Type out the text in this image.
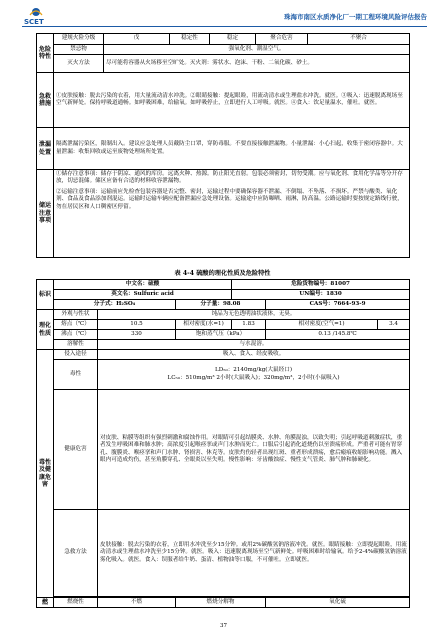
SCET
珠海市南区水质净化厂一期工程环境风险评估报告
危险特性	建规火险分级	戊	稳定性	稳定	聚合危害	不聚合
	禁忌物	强氧化剂、潮湿空气。				
	灭火方法	尽可能将容器从火场移至空旷处。灭火剂：雾状水、泡沫、干粉、二氧化碳、砂土。				
急救措施	①皮肤接触：脱去污染的衣着，用大量流动清水冲洗。②眼睛接触：提起眼睑，用流动清水或生理盐水冲洗。就医。③吸入：迅速脱离现场至空气新鲜处。保持呼吸道通畅。如呼吸困难，给输氧。如呼吸停止，立即进行人工呼吸。就医。④食入：饮足量温水，催吐。就医。					
泄漏处置	隔离泄漏污染区，限制出入。建议应急处理人员戴防尘口罩，穿防毒服。不要直接接触泄漏物。小量泄漏：小心扫起，收集于密闭容器中。大量泄漏：收集回收或运至废物处理场所处置。					
储运注意事项	①储存注意事项：储存于阴凉、通风的库房。远离火种、热源。防止阳光直射。包装必须密封，切勿受潮。应与氧化剂、食用化学品等分开存放，切忌混储。储区应备有合适的材料收容泄漏物。
②运输注意事项：运输前应先检查包装容器是否完整、密封，运输过程中要确保容器不泄漏、不倒塌、不坠落、不损坏。严禁与酸类、氧化剂、食品及食品添加剂混运。运输时运输车辆应配备泄漏应急处理设备。运输途中应防曝晒、雨淋，防高温。公路运输时要按规定路线行驶，勿在居民区和人口稠密区停留。					
表 4-4 硫酸的理化性质及危险特性
标识	中文名：硫酸			危险货物编号：81007		
	英文名：Sulfuric acid			UN编号：1830		
	分子式：H₂SO₄		分子量：98.08		CAS号：7664-93-9	
理化性质	外观与性状	纯品为无色透明油状液体，无臭。				
	熔点（℃）	10.5	相对密度(水=1)	1.83	相对密度(空气=1)	3.4
	沸点（℃）	330	饱和蒸气压（kPa）		0.13 /145.8℃	
	溶解性	与水混溶。				
毒性及健康危害	侵入途径	吸入、食入、经皮吸收。				
	毒性	LD₅₀：2140mg/kg(大鼠经口)
LC₅₀：510mg/m³ 2小时(大鼠吸入)；320mg/m³，2小时(小鼠吸入)				

	健康危害	对皮肤、粘膜等组织有强烈刺激和腐蚀作用。对眼睛可引起结膜炎、水肿、角膜混浊，以致失明；引起呼吸道刺激症状，重者发生呼吸困难和肺水肿；高浓度引起喉痉挛或声门水肿而死亡。口服后引起消化道烧伤以至溃疡形成。严重者可能有胃穿孔、腹膜炎、喉痉挛和声门水肿、肾损害、休克等。皮肤灼伤轻者出现红斑、重者形成溃疡，愈后瘢痕收缩影响功能。溅入眼内可造成灼伤，甚至角膜穿孔、全眼炎以至失明。慢性影响：牙齿酸蚀症、慢性支气管炎、肺气肿和肺硬化。				
	急救方法	皮肤接触：脱去污染的衣着，立即用水冲洗至少15分钟。或用2%碳酸氢钠溶液冲洗。就医。眼睛接触：立即提起眼睑，用流动清水或生理盐水冲洗至少15分钟。就医。吸入：迅速脱离现场至空气新鲜处。呼吸困难时给输氧。给予2-4%碳酸氢钠溶液雾化吸入。就医。食入：误服者给牛奶、蛋清、植物油等口服，不可催吐。立即就医。				

燃	燃烧性	不燃	燃烧分解物		氧化硫	
37
